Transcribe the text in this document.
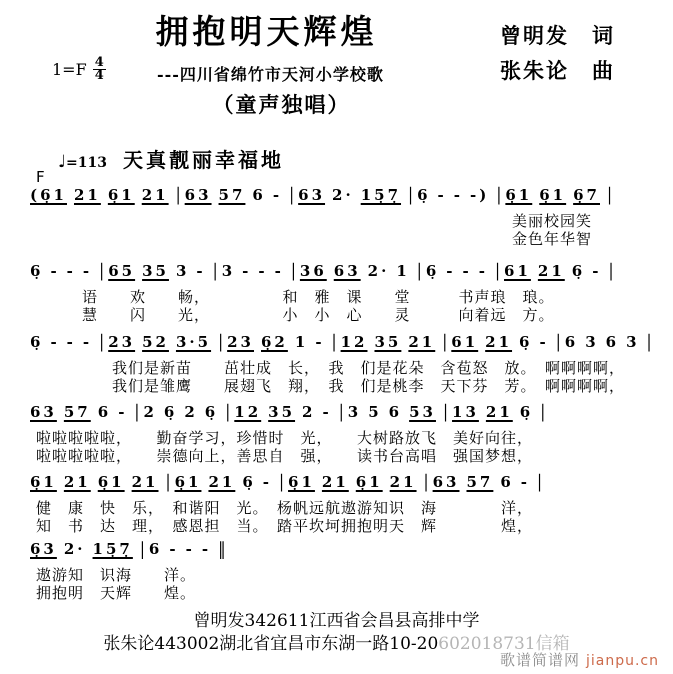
拥抱明天辉煌	曾明发　词
张朱论　曲
$1=F \frac{4}{4}$	---四川省绵竹市天河小学校歌
（童声独唱）
♩=113 天真靓丽幸福地
F
(6̣1 21 6̣1 21 | 63 57 6 - | 63 2· 15̣7̣ | 6̣ - - -) | 6̣1 6̣1 6̣7 |
美丽校园笑
金色年华智
6̣ - - - | 65 35 3 - | 3 - - - | 36 63 2· 1 | 6̣ - - - | 61 21 6̣ - |
语　　欢　　畅，　　　　　和　雅　课　　堂　　　书声琅　琅。
慧　　闪　　光，　　　　　小　小　心　　灵　　　向着远　方。
6̣ - - - | 23 52 3·5 | 23 6̣2 1 - | 12 35 21 | 61 21 6̣ - | 6 3 6 3 |
我们是新苗　　茁壮成　长，　我　们是花朵　含苞怒　放。　啊啊啊啊，
我们是雏鹰　　展翅飞　翔，　我　们是桃李　天下芬　芳。　啊啊啊啊，
63 57 6 - | 2 6̣ 2 6̣ | 12 35 2 - | 3 5 6 53 | 13 21 6̣ |
啦啦啦啦啦，　　勤奋学习，珍惜时　光，　　大树路放飞　美好向往，
啦啦啦啦啦，　　崇德向上，善思自　强，　　读书台高唱　强国梦想，
6̣1 21 6̣1 21 | 6̣1 21 6̣ - | 6̣1 21 6̣1 21 | 63 57 6 - |
健　康　快　乐，　和谐阳　光。　杨帆远航遨游知识　海　　　　洋，
知　书　达　理，　感恩担　当。　踏平坎坷拥抱明天　辉　　　　煌，
6̣3 2· 15̣7̣ | 6 - - - ‖
遨游知　识海　　洋。
拥抱明　天辉　　煌。
曾明发342611江西省会昌县高排中学
张朱论443002湖北省宜昌市东湖一路10-20602018731信箱
歌谱简谱网 jianpu.cn
